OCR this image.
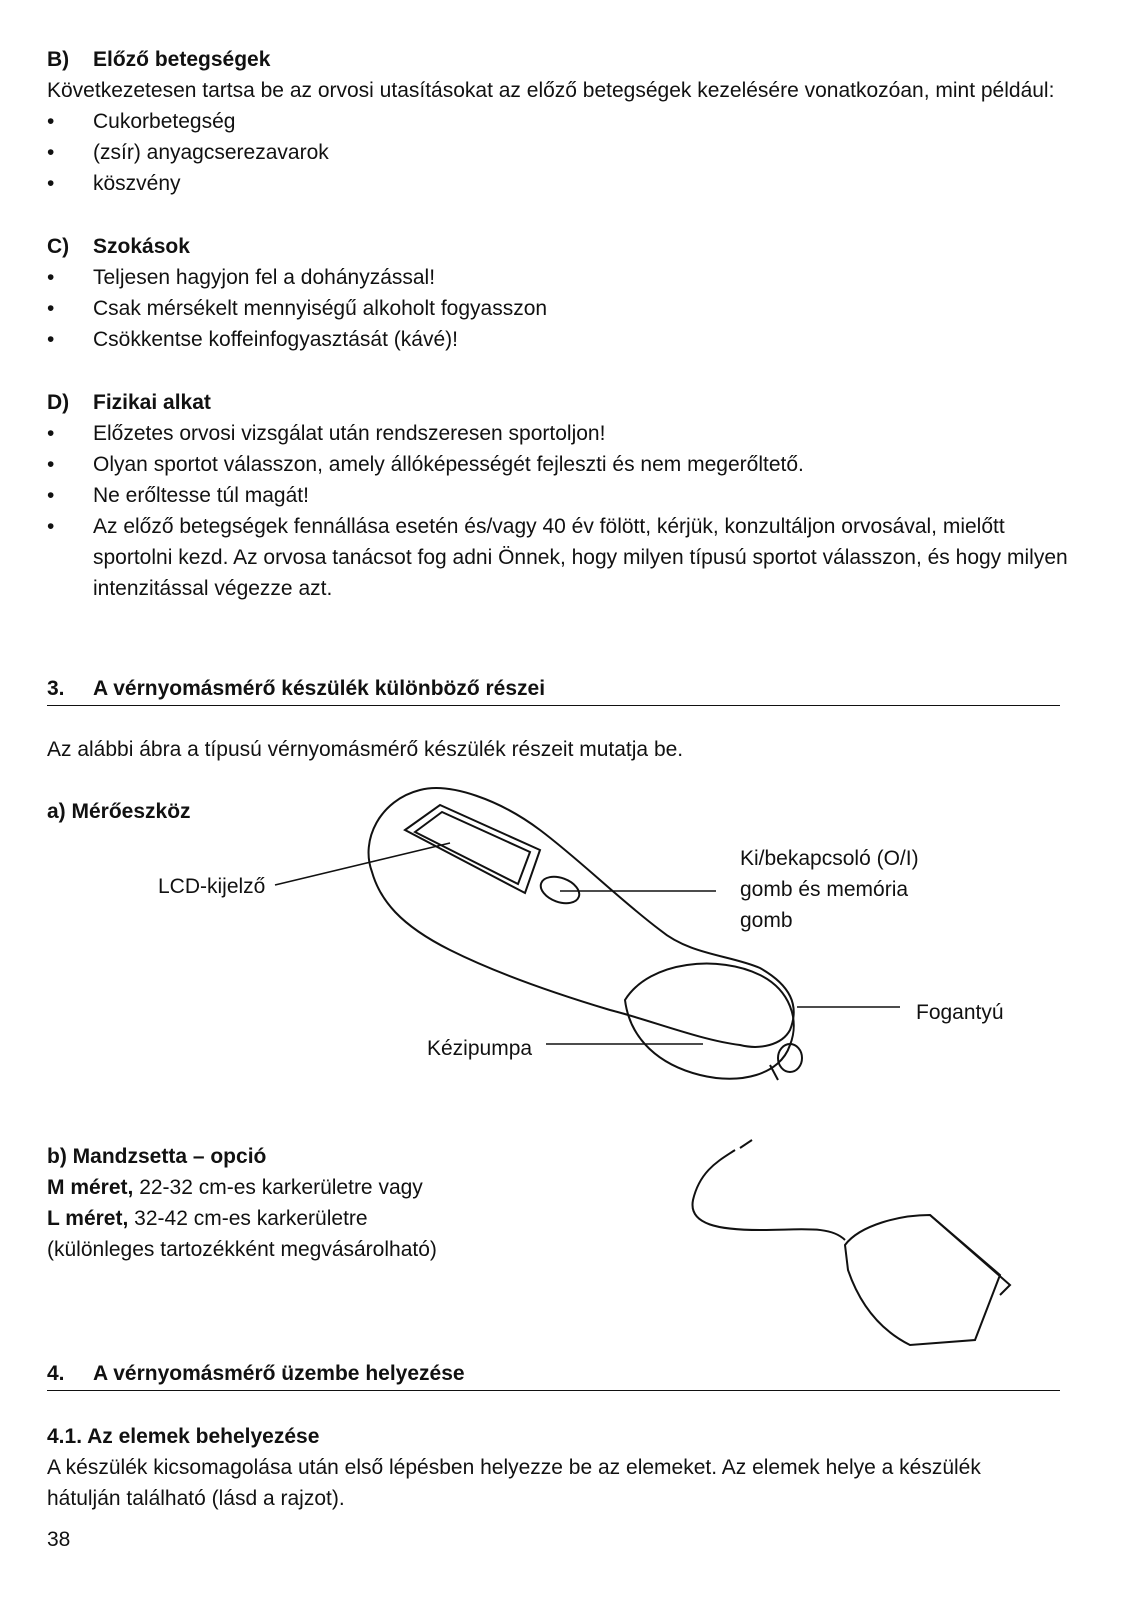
B)	Előző betegségek

Következetesen tartsa be az orvosi utasításokat az előző betegségek kezelésére vonatkozóan, mint például:

•	Cukorbetegség
•	(zsír) anyagcserezavarok
•	köszvény
C)	Szokások
•	Teljesen hagyjon fel a dohányzással!
•	Csak mérsékelt mennyiségű alkoholt fogyasszon
•	Csökkentse koffeinfogyasztását (kávé)!
D)	Fizikai alkat
•	Előzetes orvosi vizsgálat után rendszeresen sportoljon!
•	Olyan sportot válasszon, amely állóképességét fejleszti és nem megerőltető.
•	Ne erőltesse túl magát!
•	Az előző betegségek fennállása esetén és/vagy 40 év fölött, kérjük, konzultáljon orvosával, mielőtt sportolni kezd. Az orvosa tanácsot fog adni Önnek, hogy milyen típusú sportot válasszon, és hogy milyen intenzitással végezze azt.
3.	A vérnyomásmérő készülék különböző részei
Az alábbi ábra a típusú vérnyomásmérő készülék részeit mutatja be.
a) Mérőeszköz
LCD-kijelző
Ki/bekapcsoló (O/I)
gomb és memória
gomb
Fogantyú
Kézipumpa
b) Mandzsetta – opció
M méret, 22-32 cm-es karkerületre vagy
L méret, 32-42 cm-es karkerületre
(különleges tartozékként megvásárolható)
4.	A vérnyomásmérő üzembe helyezése
4.1. Az elemek behelyezése
A készülék kicsomagolása után első lépésben helyezze be az elemeket. Az elemek helye a készülék hátulján található (lásd a rajzot).
38
